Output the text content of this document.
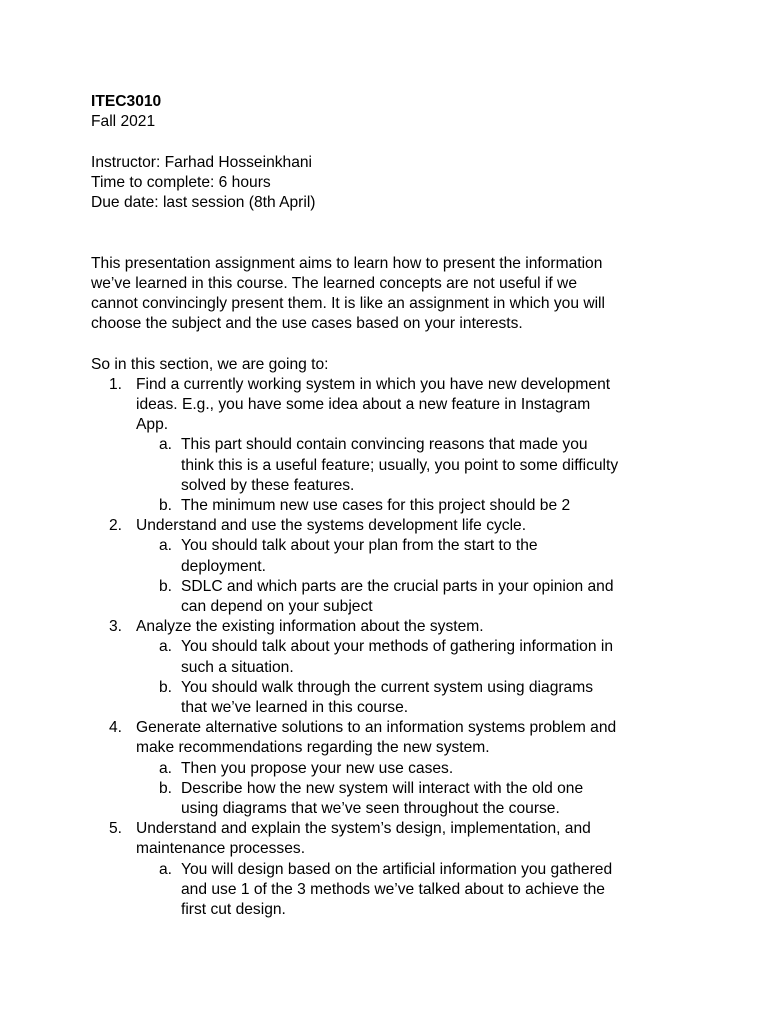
ITEC3010

Fall 2021

Instructor: Farhad Hosseinkhani

Time to complete: 6 hours

Due date: last session (8th April)

This presentation assignment aims to learn how to present the information

we’ve learned in this course. The learned concepts are not useful if we

cannot convincingly present them. It is like an assignment in which you will

choose the subject and the use cases based on your interests.

So in this section, we are going to:

1. Find a currently working system in which you have new development
ideas. E.g., you have some idea about a new feature in Instagram
App.
a. This part should contain convincing reasons that made you
think this is a useful feature; usually, you point to some difficulty
solved by these features.
b. The minimum new use cases for this project should be 2
2. Understand and use the systems development life cycle.
a. You should talk about your plan from the start to the
deployment.
b. SDLC and which parts are the crucial parts in your opinion and
can depend on your subject
3. Analyze the existing information about the system.
a. You should talk about your methods of gathering information in
such a situation.
b. You should walk through the current system using diagrams
that we’ve learned in this course.
4. Generate alternative solutions to an information systems problem and
make recommendations regarding the new system.
a. Then you propose your new use cases.
b. Describe how the new system will interact with the old one
using diagrams that we’ve seen throughout the course.
5. Understand and explain the system’s design, implementation, and
maintenance processes.
a. You will design based on the artificial information you gathered
and use 1 of the 3 methods we’ve talked about to achieve the
first cut design.
